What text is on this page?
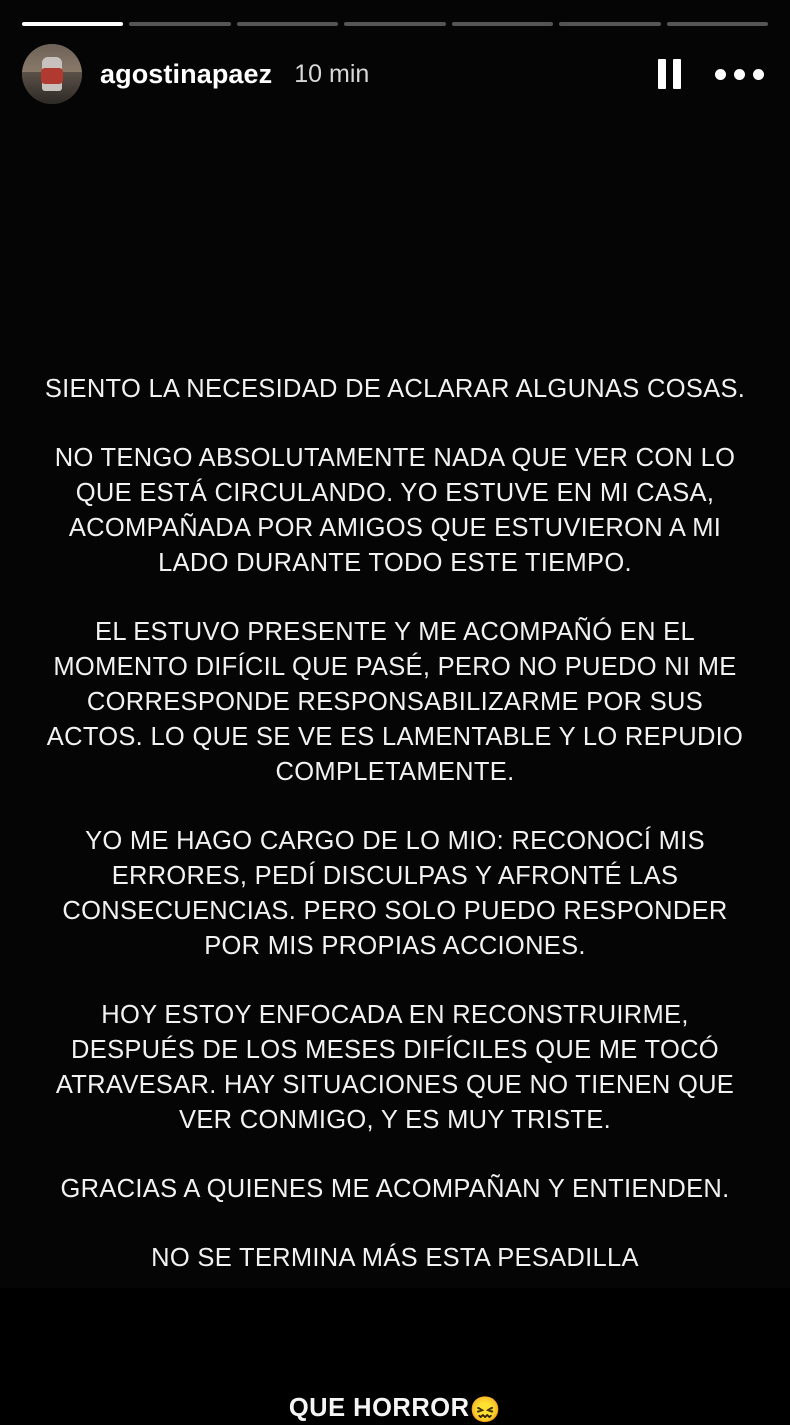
agostinapaez 10 min

SIENTO LA NECESIDAD DE ACLARAR ALGUNAS COSAS.

NO TENGO ABSOLUTAMENTE NADA QUE VER CON LO QUE ESTÁ CIRCULANDO. YO ESTUVE EN MI CASA, ACOMPAÑADA POR AMIGOS QUE ESTUVIERON A MI LADO DURANTE TODO ESTE TIEMPO.

EL ESTUVO PRESENTE Y ME ACOMPAÑÓ EN EL MOMENTO DIFÍCIL QUE PASÉ, PERO NO PUEDO NI ME CORRESPONDE RESPONSABILIZARME POR SUS ACTOS. LO QUE SE VE ES LAMENTABLE Y LO REPUDIO COMPLETAMENTE.

YO ME HAGO CARGO DE LO MIO: RECONOCÍ MIS ERRORES, PEDÍ DISCULPAS Y AFRONTÉ LAS CONSECUENCIAS. PERO SOLO PUEDO RESPONDER POR MIS PROPIAS ACCIONES.

HOY ESTOY ENFOCADA EN RECONSTRUIRME, DESPUÉS DE LOS MESES DIFÍCILES QUE ME TOCÓ ATRAVESAR. HAY SITUACIONES QUE NO TIENEN QUE VER CONMIGO, Y ES MUY TRISTE.

GRACIAS A QUIENES ME ACOMPAÑAN Y ENTIENDEN.

NO SE TERMINA MÁS ESTA PESADILLA

QUE HORROR😖
